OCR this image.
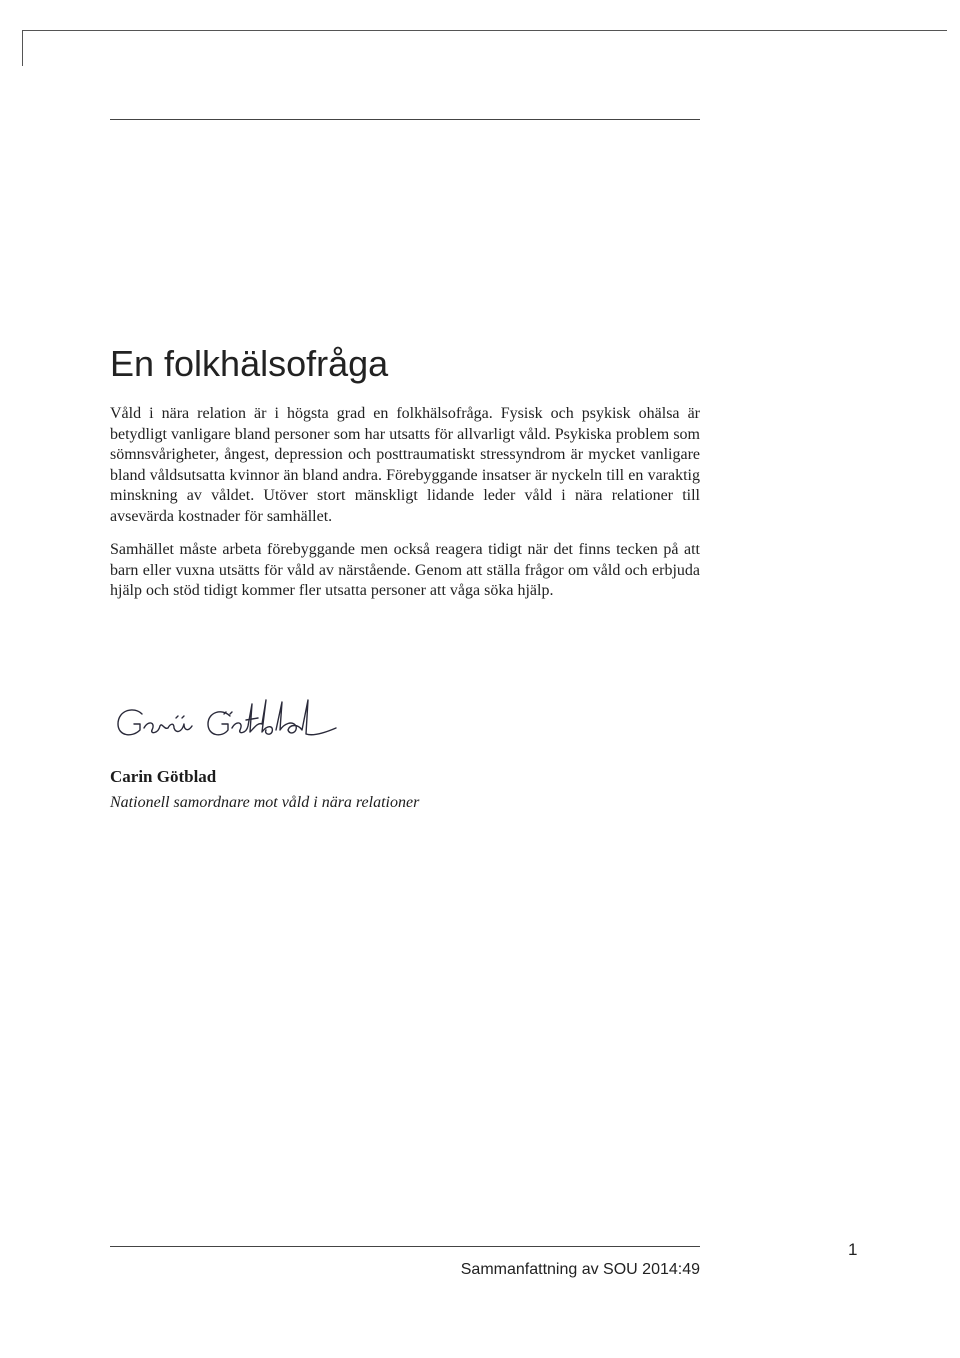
En folkhälsofråga

Våld i nära relation är i högsta grad en folkhälsofråga. Fysisk och psykisk ohälsa är betydligt vanligare bland personer som har utsatts för allvarligt våld. Psykiska problem som sömnsvårigheter, ångest, depression och posttraumatiskt stressyndrom är mycket vanligare bland våldsutsatta kvinnor än bland andra. Förebyggande insatser är nyckeln till en varaktig minskning av våldet. Utöver stort mänskligt lidande leder våld i nära relationer till avsevärda kostnader för samhället.

Samhället måste arbeta förebyggande men också reagera tidigt när det finns tecken på att barn eller vuxna utsätts för våld av närstående. Genom att ställa frågor om våld och erbjuda hjälp och stöd tidigt kommer fler utsatta personer att våga söka hjälp.

Carin Götblad

Nationell samordnare mot våld i nära relationer

Sammanfattning av SOU 2014:49

1
